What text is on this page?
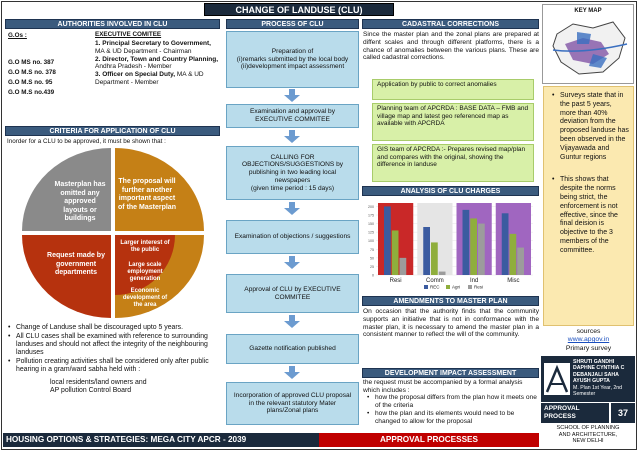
CHANGE OF LANDUSE (CLU)
AUTHORITIES INVOLVED IN CLU
G.Os :
G.O MS no. 387
G.O M.S no. 378
G.O M.S no. 95
G.O M.S no.439
EXECUTIVE COMITEE
1. Principal Secretary to Government, MA & UD Department - Chairman
2. Director, Town and Country Planning, Andhra Pradesh - Member
3. Officer on Special Duty, MA & UD Department - Member
CRITERIA FOR APPLICATION OF CLU
Inorder for a CLU to be approved, it must be shown that :
Masterplan has omitted any approved layouts or buildings
The proposal will further another important aspect of the Masterplan
Request made by government departments
Larger interest of the public
Large scale employment generation
Economic development of the area
• Change of Landuse shall be discouraged upto 5 years.
• All CLU cases shall be examined with reference to surrounding landuses and should not affect the integrity of the neighbouring landuses
• Pollution creating activities shall be considered only after public hearing in a gram/ward sabha held with :
local residents/land owners and
AP pollution Control Board
PROCESS OF CLU
Preparation of
(i)remarks submitted by the local body
(ii)development impact assessment
Examination and approval by EXECUTIVE COMMITEE
CALLING FOR OBJECTIONS/SUGGESTIONS by publishing in two leading local newspapers
(given time period : 15 days)
Examination of objections / suggestions
Approval of CLU by EXECUTIVE COMMITEE
Gazette notification published
Incorporation of approved CLU proposal in the relevant statutory Mater plans/Zonal plans
CADASTRAL CORRECTIONS
Since the master plan and the zonal plans are prepared at diffent scales and through different platforms, there is a chance of anomalies between the various plans. These are called cadastral corrections.
Application by public to correct anomalies
Planning team of APCRDA : BASE DATA – FMB and village map and latest geo referenced map as available with APCRDA
GIS team of APCRDA :- Prepares revised map/plan and compares with the original, showing the difference in landuse
ANALYSIS OF CLU CHARGES
0
25
50
75
100
125
150
175
200
Resi	Comm	Ind	Misc
REC	Agri	Resi
AMENDMENTS TO MASTER PLAN
On occasion that the authority finds that the community supports an initiative that is not in conformance with the master plan, it is necessary to amend the master plan in a consistent manner to reflect the will of the community.
DEVELOPMENT IMPACT ASSESSMENT
the request must be accompanied by a formal analysis which includes :
• how the proposal differs from the plan how it meets one of the criteria
• how the plan and its elements would need to be changed to allow for the proposal
KEY MAP
• Surveys state that in the past 5 years, more than 40% deviation from the proposed landuse has been observed in the Vijayawada and Guntur regions
• This shows that despite the norms being strict, the enforcement is not effective, since the final deision is objective to the 3 members of the committee.
sources
www.apgov.in
Primary survey
SHRUTI GANDHI
DAPHNE CYNTHIA C
DEBANJALI SAHA
AYUSH GUPTA
M. Plan 1st Year, 2nd Semester
APPROVAL PROCESS	37
SCHOOL OF PLANNING
AND ARCHITECTURE,
NEW DELHI
HOUSING OPTIONS & STRATEGIES: MEGA CITY APCR - 2039	APPROVAL PROCESSES
